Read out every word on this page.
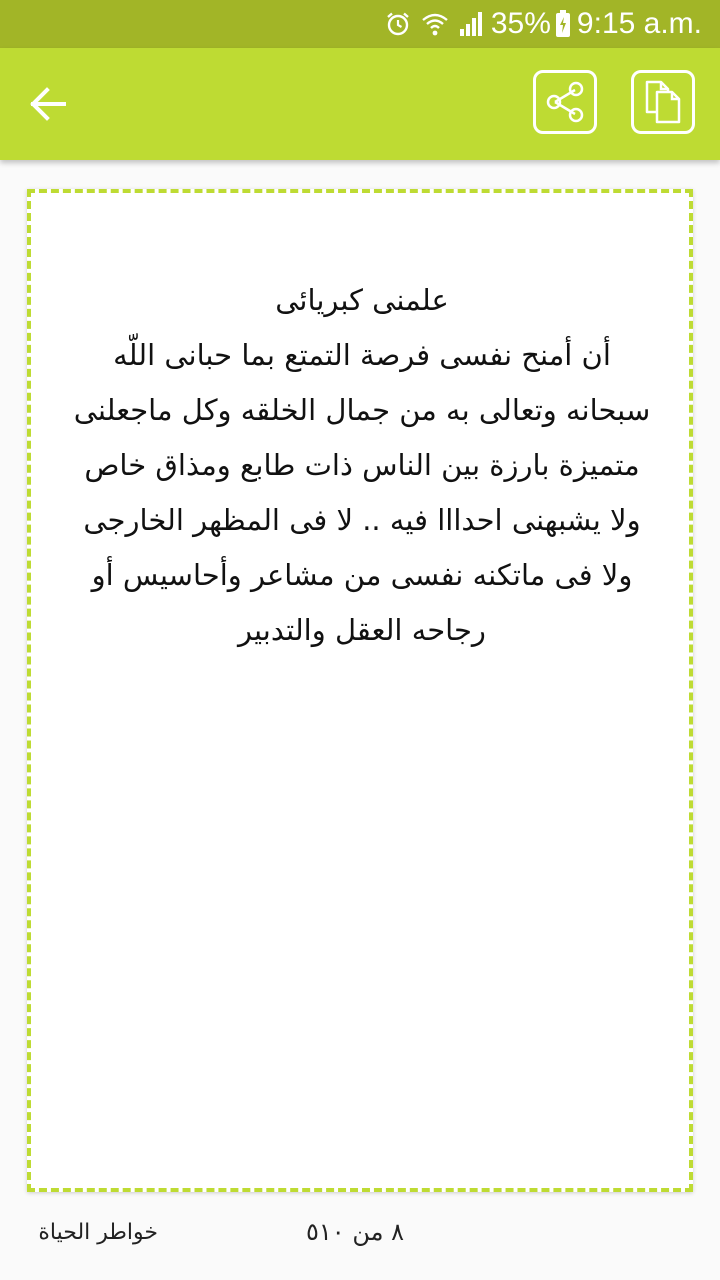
35% 9:15 a.m.

علمنى كبريائى
أن أمنح نفسى فرصة التمتع بما حبانى اللّه سبحانه وتعالى به من جمال الخلقه وكل ماجعلنى متميزة بارزة بين الناس ذات طابع ومذاق خاص ولا يشبهنى احدااا فيه .. لا فى المظهر الخارجى ولا فى ماتكنه نفسى من مشاعر وأحاسيس أو رجاحه العقل والتدبير

خواطر الحياة	٨ من ٥١٠
